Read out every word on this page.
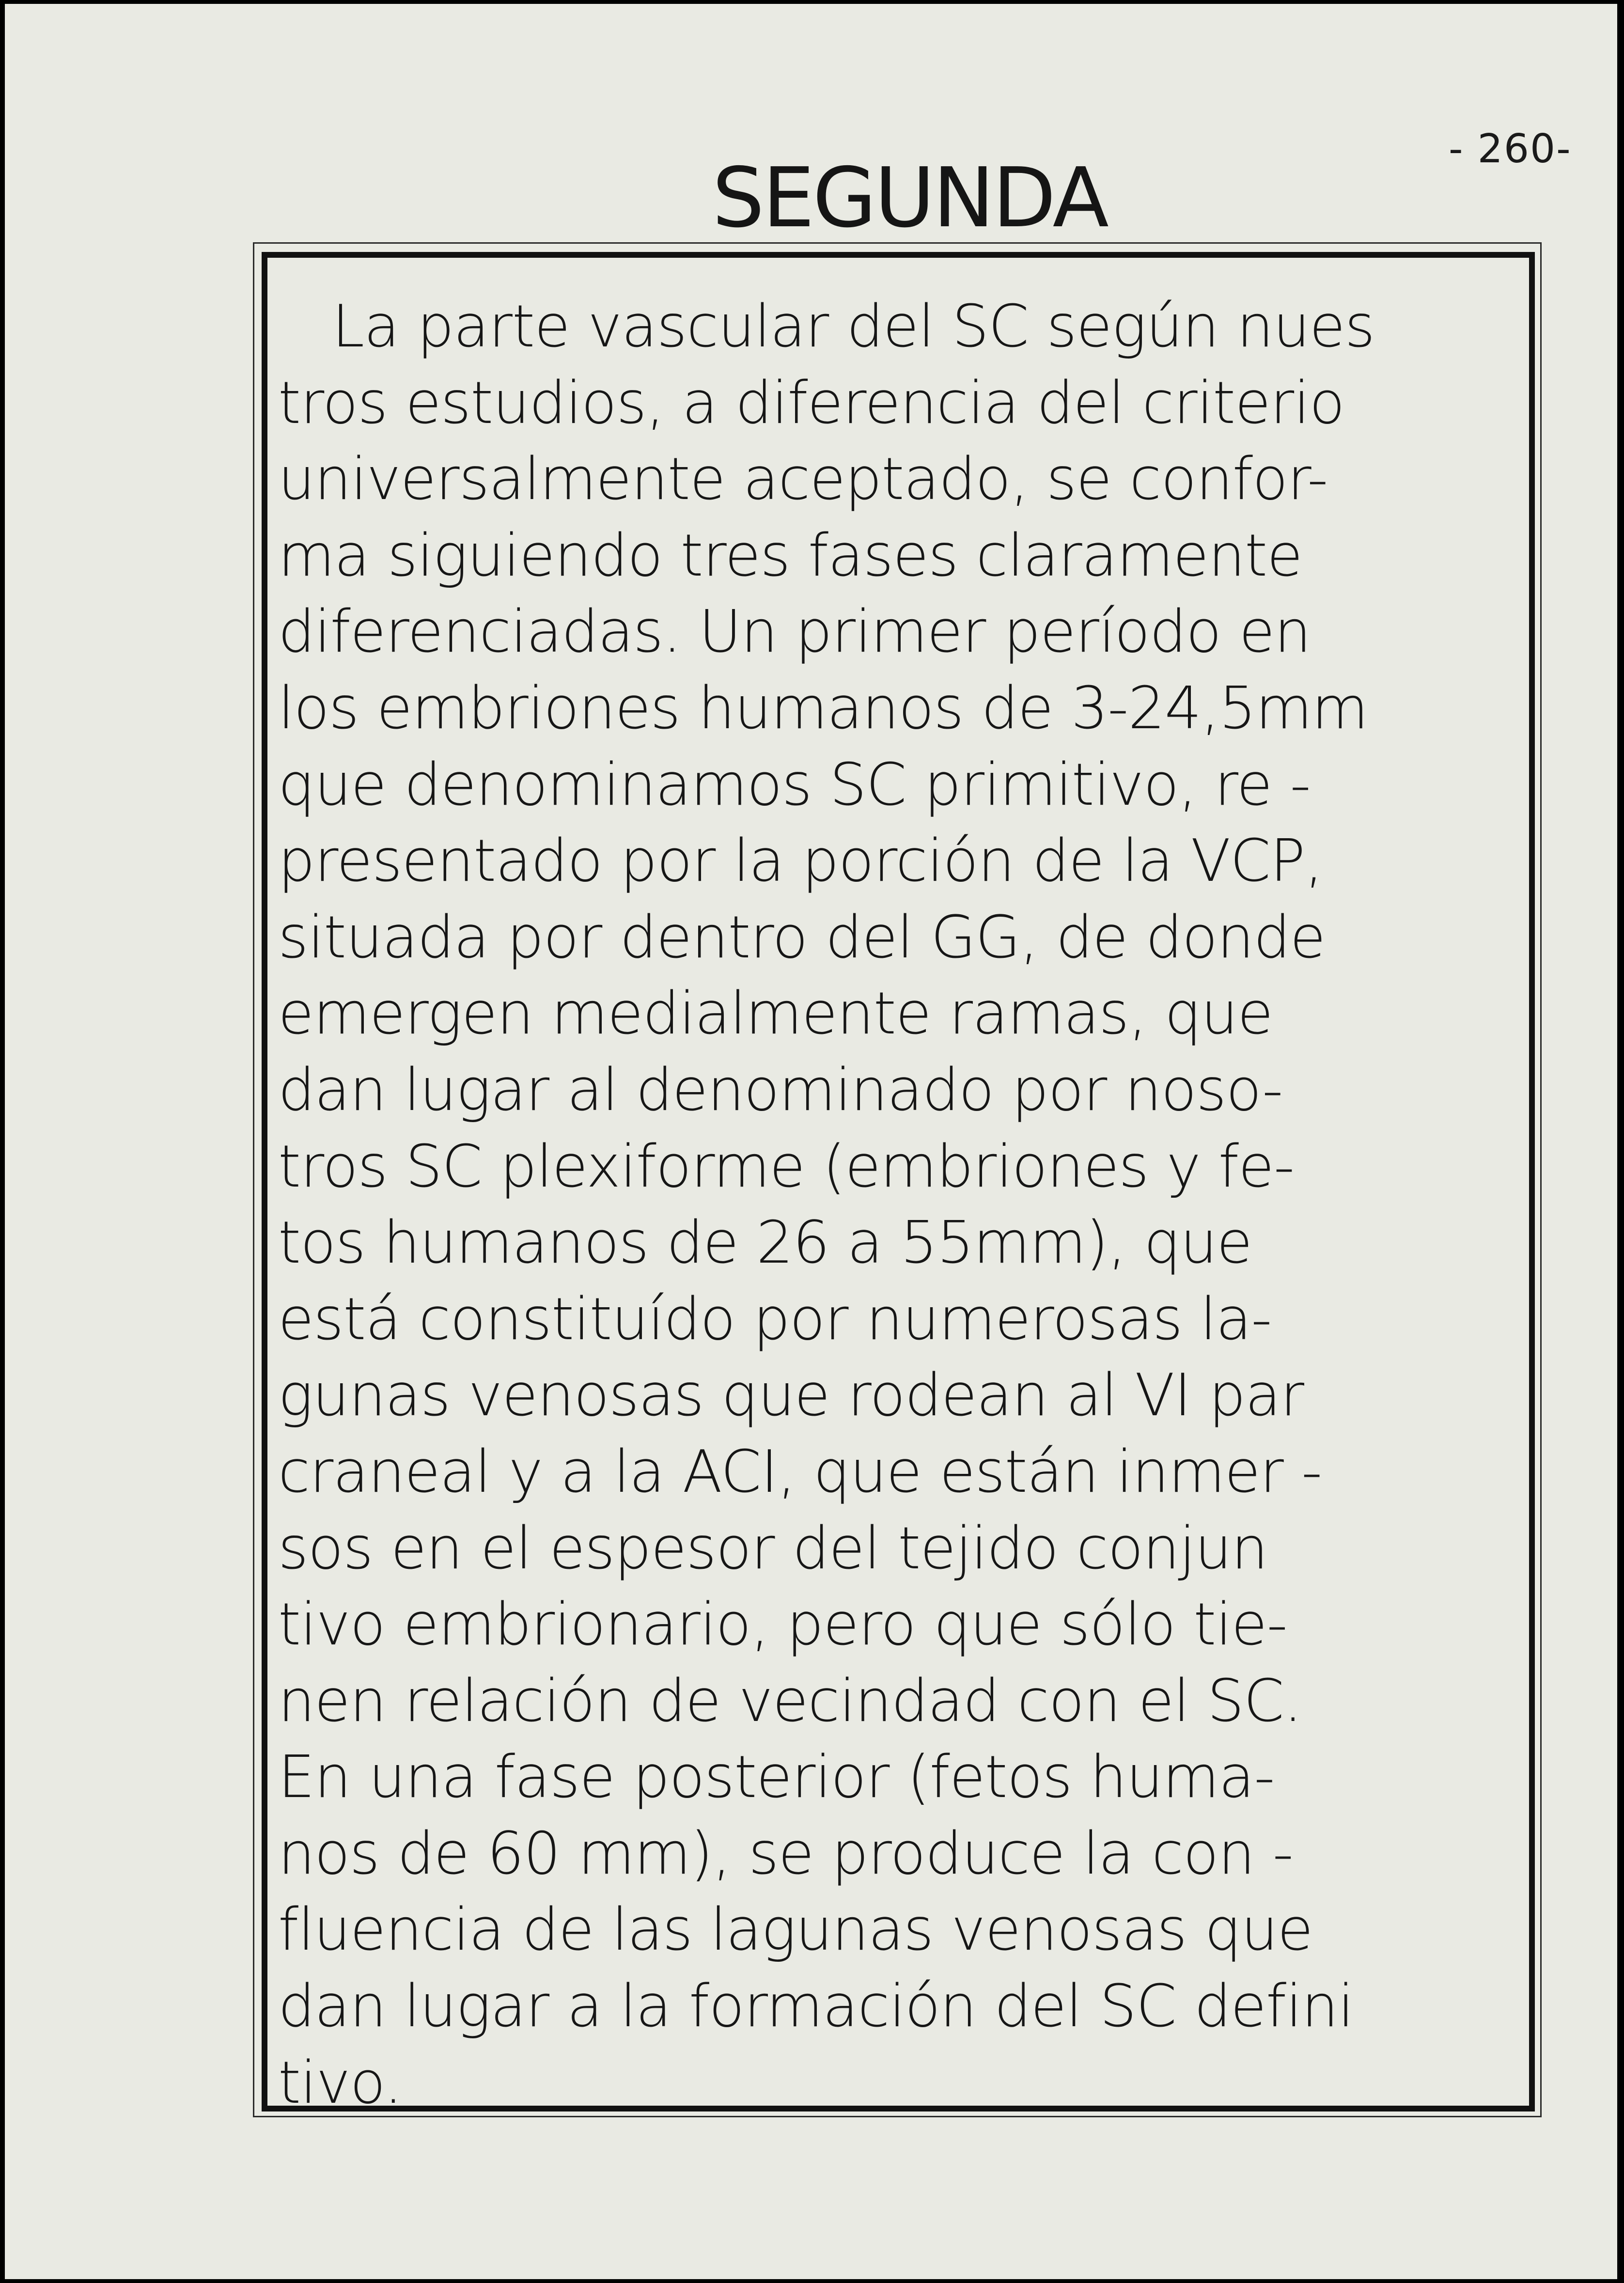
- 260-
SEGUNDA
La parte vascular del SC según nues
tros estudios, a diferencia del criterio
universalmente aceptado, se confor-
ma siguiendo tres fases claramente
diferenciadas. Un primer período en
los embriones humanos de 3-24,5mm
que denominamos SC primitivo, re -
presentado por la porción de la VCP,
situada por dentro del GG, de donde
emergen medialmente ramas, que
dan lugar al denominado por noso-
tros SC plexiforme (embriones y fe-
tos humanos de 26 a 55mm), que
está constituído por numerosas la-
gunas venosas que rodean al VI par
craneal y a la ACI, que están inmer -
sos en el espesor del tejido conjun
tivo embrionario, pero que sólo tie-
nen relación de vecindad con el SC.
En una fase posterior (fetos huma-
nos de 60 mm), se produce la con -
fluencia de las lagunas venosas que
dan lugar a la formación del SC defini
tivo.
